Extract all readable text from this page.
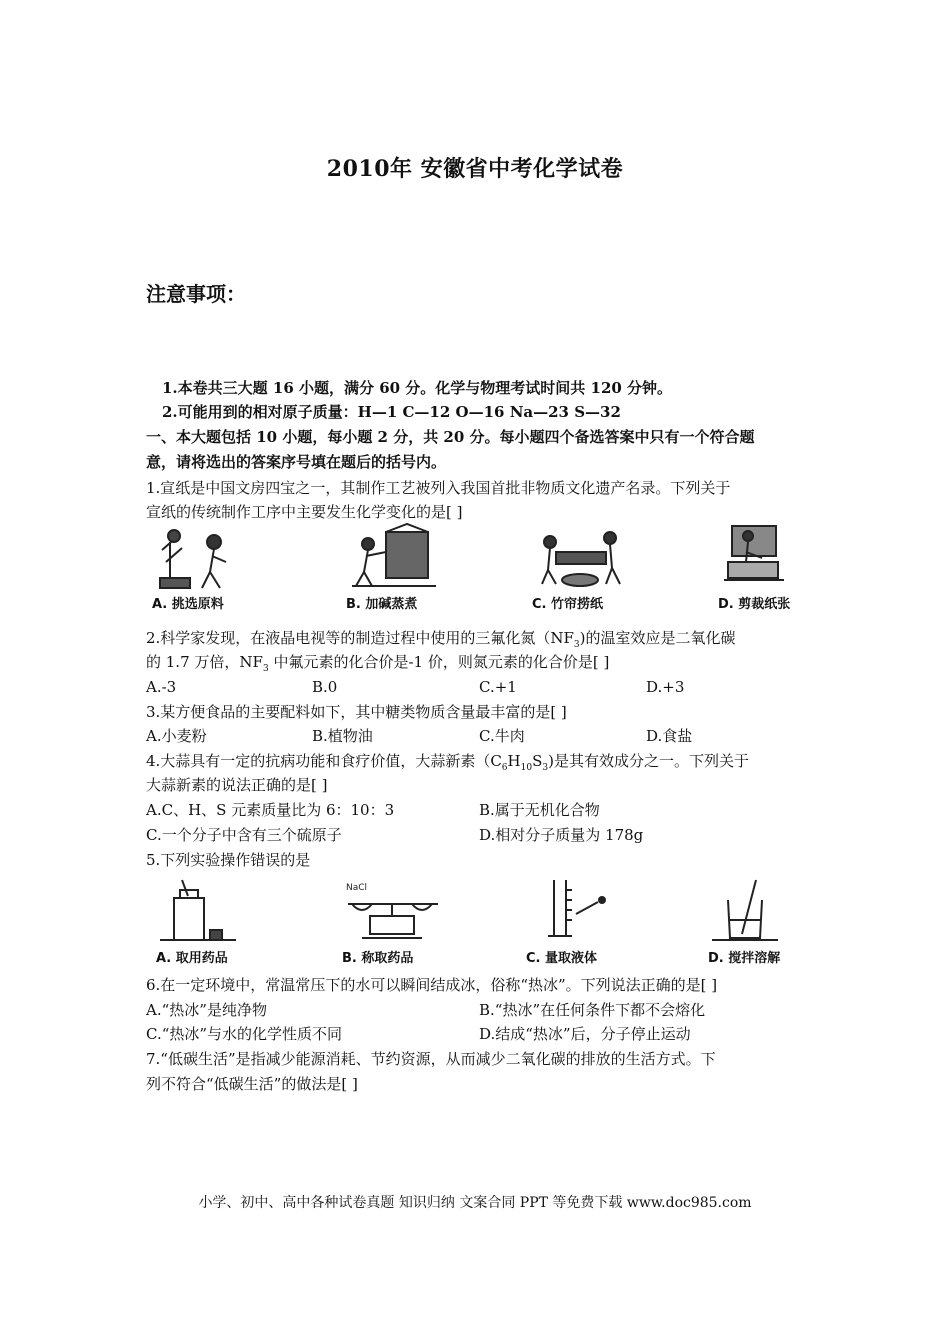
2010年 安徽省中考化学试卷
注意事项：
1.本卷共三大题 16 小题，满分 60 分。化学与物理考试时间共 120 分钟。
2.可能用到的相对原子质量：H—1 C—12 O—16 Na—23 S—32
一、本大题包括 10 小题，每小题 2 分，共 20 分。每小题四个备选答案中只有一个符合题
意，请将选出的答案序号填在题后的括号内。
1.宣纸是中国文房四宝之一，其制作工艺被列入我国首批非物质文化遗产名录。下列关于
宣纸的传统制作工序中主要发生化学变化的是[ ]
A. 挑选原料	B. 加碱蒸煮	C. 竹帘捞纸	D. 剪裁纸张
2.科学家发现，在液晶电视等的制造过程中使用的三氟化氮$(NF_3)$的温室效应是二氧化碳
的 1.7 万倍，$NF_3$ 中氟元素的化合价是-1 价，则氮元素的化合价是[ ]
A.-3	B.0	C.+1	D.+3
3.某方便食品的主要配料如下，其中糖类物质含量最丰富的是[ ]
A.小麦粉	B.植物油	C.牛肉	D.食盐
4.大蒜具有一定的抗病功能和食疗价值，大蒜新素$(C_6H_{10}S_3)$是其有效成分之一。下列关于
大蒜新素的说法正确的是[ ]
A.C、H、S 元素质量比为 6：10：3	B.属于无机化合物
C.一个分子中含有三个硫原子	D.相对分子质量为 178g
5.下列实验操作错误的是
A. 取用药品
NaCl
B. 称取药品	C. 量取液体	D. 搅拌溶解
6.在一定环境中，常温常压下的水可以瞬间结成冰，俗称“热冰”。下列说法正确的是[ ]
A.“热冰”是纯净物	B.“热冰”在任何条件下都不会熔化
C.“热冰”与水的化学性质不同	D.结成“热冰”后，分子停止运动
7.“低碳生活”是指减少能源消耗、节约资源，从而减少二氧化碳的排放的生活方式。下
列不符合“低碳生活”的做法是[ ]
小学、初中、高中各种试卷真题 知识归纳 文案合同 PPT 等免费下载 www.doc985.com
